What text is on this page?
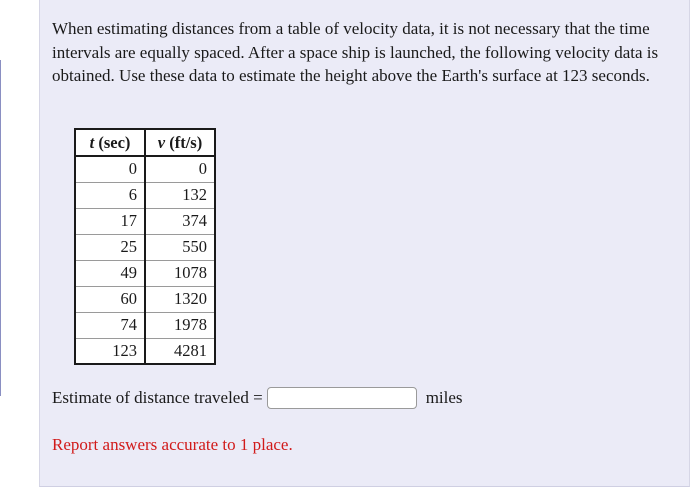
When estimating distances from a table of velocity data, it is not necessary that the time intervals are equally spaced. After a space ship is launched, the following velocity data is obtained. Use these data to estimate the height above the Earth's surface at 123 seconds.
t (sec)	v (ft/s)
0	0
6	132
17	374
25	550
49	1078
60	1320
74	1978
123	4281
Estimate of distance traveled =	miles
Report answers accurate to 1 place.
